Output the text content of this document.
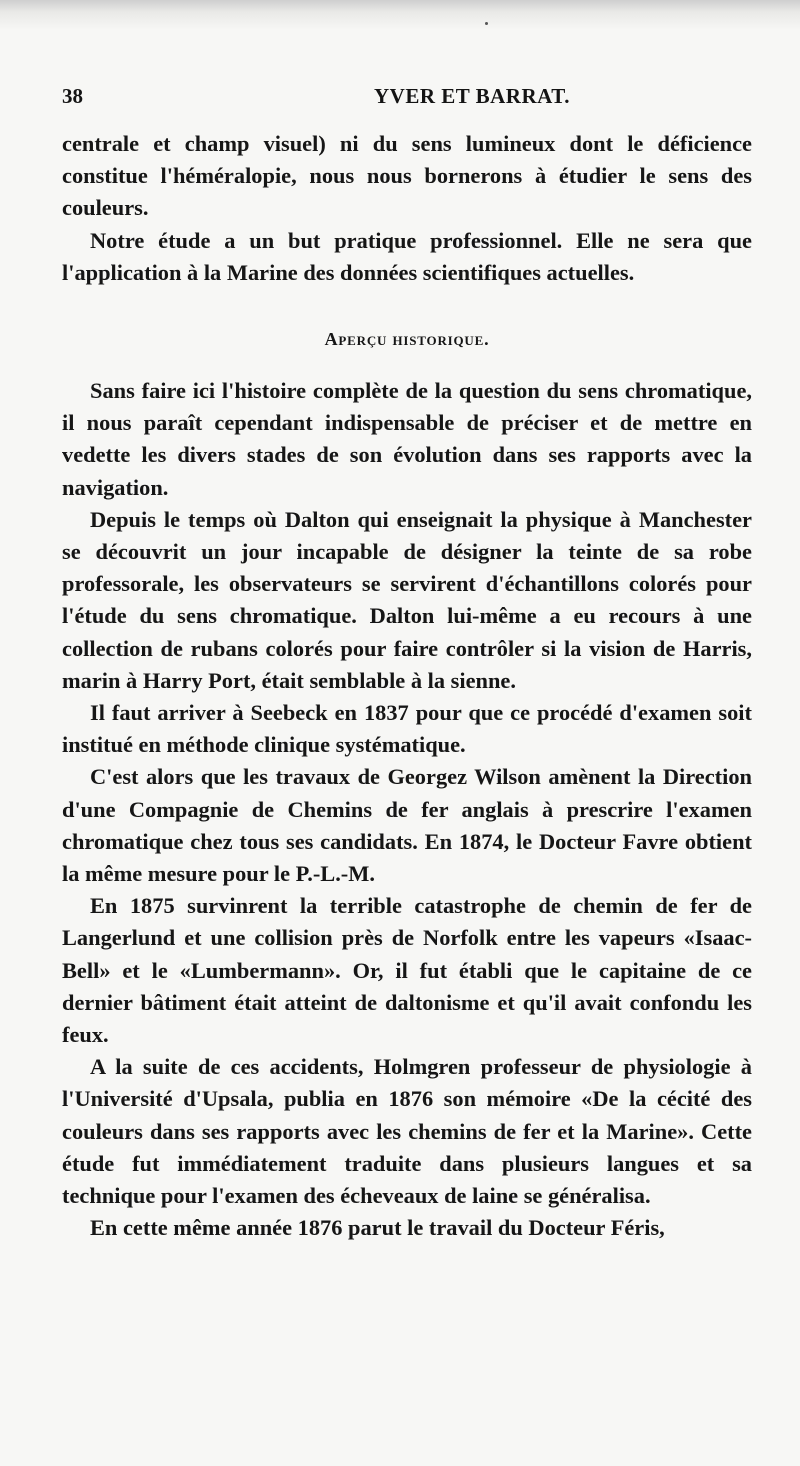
38	YVER ET BARRAT.

centrale et champ visuel) ni du sens lumineux dont le déficience constitue l'héméralopie, nous nous bornerons à étudier le sens des couleurs.

Notre étude a un but pratique professionnel. Elle ne sera que l'application à la Marine des données scientifiques actuelles.

Aperçu historique.

Sans faire ici l'histoire complète de la question du sens chromatique, il nous paraît cependant indispensable de préciser et de mettre en vedette les divers stades de son évolution dans ses rapports avec la navigation.

Depuis le temps où Dalton qui enseignait la physique à Manchester se découvrit un jour incapable de désigner la teinte de sa robe professorale, les observateurs se servirent d'échantillons colorés pour l'étude du sens chromatique. Dalton lui-même a eu recours à une collection de rubans colorés pour faire contrôler si la vision de Harris, marin à Harry Port, était semblable à la sienne.

Il faut arriver à Seebeck en 1837 pour que ce procédé d'examen soit institué en méthode clinique systématique.

C'est alors que les travaux de Georgez Wilson amènent la Direction d'une Compagnie de Chemins de fer anglais à prescrire l'examen chromatique chez tous ses candidats. En 1874, le Docteur Favre obtient la même mesure pour le P.-L.-M.

En 1875 survinrent la terrible catastrophe de chemin de fer de Langerlund et une collision près de Norfolk entre les vapeurs «Isaac-Bell» et le «Lumbermann». Or, il fut établi que le capitaine de ce dernier bâtiment était atteint de daltonisme et qu'il avait confondu les feux.

A la suite de ces accidents, Holmgren professeur de physiologie à l'Université d'Upsala, publia en 1876 son mémoire «De la cécité des couleurs dans ses rapports avec les chemins de fer et la Marine». Cette étude fut immédiatement traduite dans plusieurs langues et sa technique pour l'examen des écheveaux de laine se généralisa.

En cette même année 1876 parut le travail du Docteur Féris,
